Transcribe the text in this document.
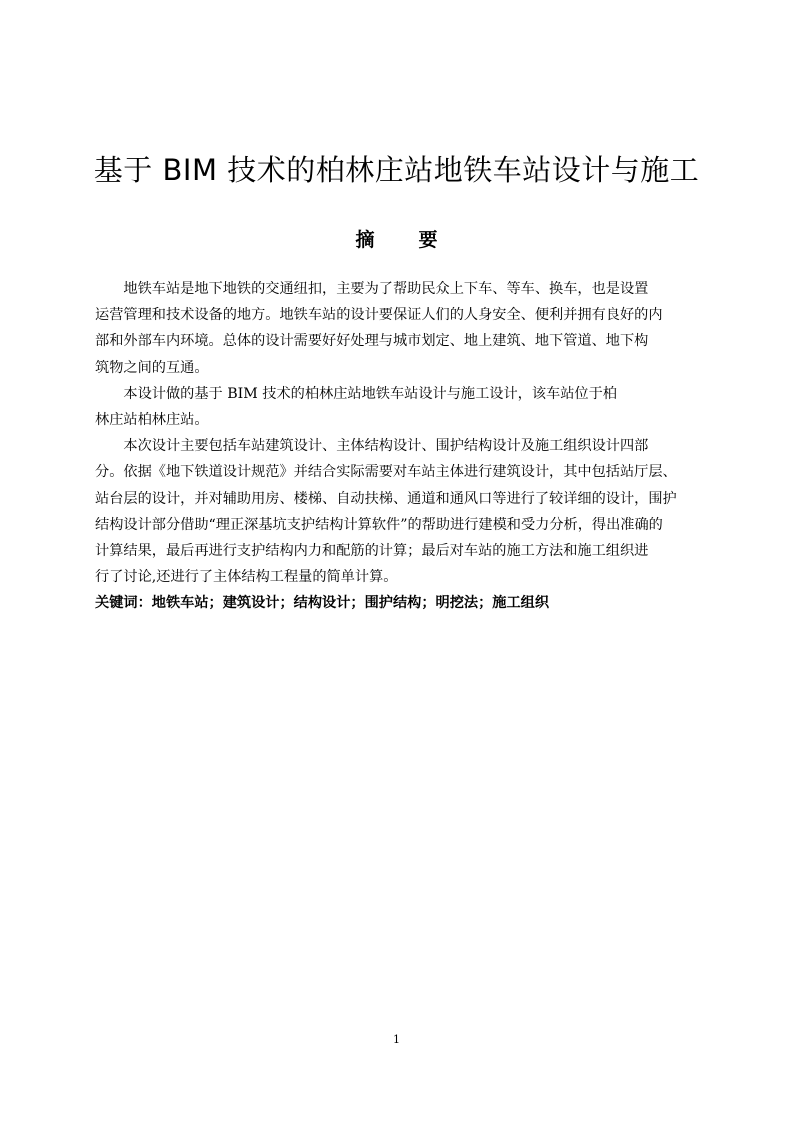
基于 BIM 技术的柏林庄站地铁车站设计与施工
摘 要

地铁车站是地下地铁的交通纽扣，主要为了帮助民众上下车、等车、换车，也是设置
运营管理和技术设备的地方。地铁车站的设计要保证人们的人身安全、便利并拥有良好的内
部和外部车内环境。总体的设计需要好好处理与城市划定、地上建筑、地下管道、地下构
筑物之间的互通。

本设计做的基于 BIM 技术的柏林庄站地铁车站设计与施工设计，该车站位于柏
林庄站柏林庄站。

本次设计主要包括车站建筑设计、主体结构设计、围护结构设计及施工组织设计四部
分。依据《地下铁道设计规范》并结合实际需要对车站主体进行建筑设计，其中包括站厅层、
站台层的设计，并对辅助用房、楼梯、自动扶梯、通道和通风口等进行了较详细的设计，围护
结构设计部分借助“理正深基坑支护结构计算软件”的帮助进行建模和受力分析，得出准确的
计算结果，最后再进行支护结构内力和配筋的计算；最后对车站的施工方法和施工组织进
行了讨论,还进行了主体结构工程量的简单计算。

关键词：地铁车站；建筑设计；结构设计；围护结构；明挖法；施工组织
1
